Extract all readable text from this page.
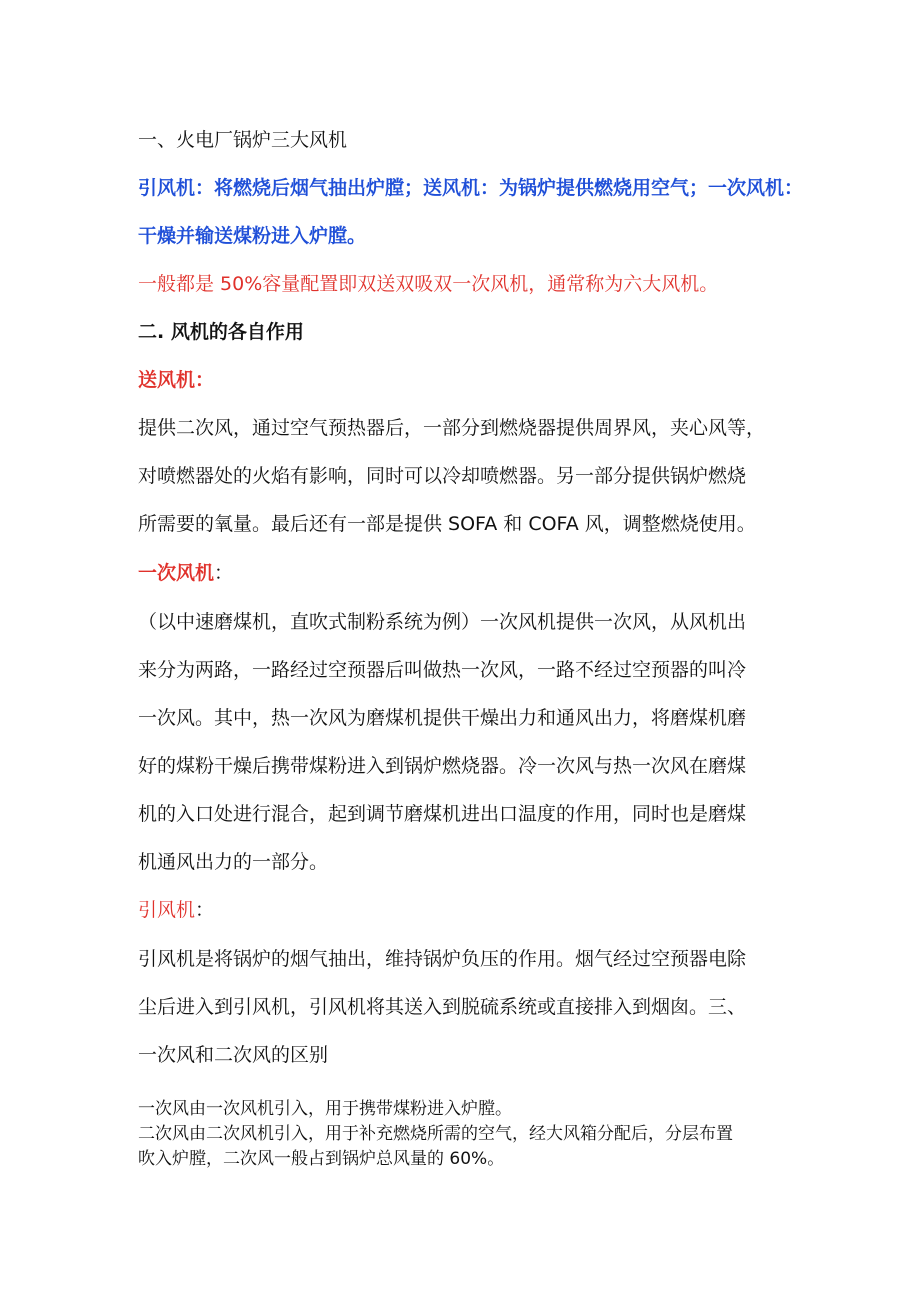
一、火电厂锅炉三大风机
引风机：将燃烧后烟气抽出炉膛；送风机：为锅炉提供燃烧用空气；一次风机：
干燥并输送煤粉进入炉膛。
一般都是 50%容量配置即双送双吸双一次风机，通常称为六大风机。
二. 风机的各自作用
送风机：
提供二次风，通过空气预热器后，一部分到燃烧器提供周界风，夹心风等，
对喷燃器处的火焰有影响，同时可以冷却喷燃器。另一部分提供锅炉燃烧
所需要的氧量。最后还有一部是提供 SOFA 和 COFA 风，调整燃烧使用。
一次风机：
（以中速磨煤机，直吹式制粉系统为例）一次风机提供一次风，从风机出
来分为两路，一路经过空预器后叫做热一次风，一路不经过空预器的叫冷
一次风。其中，热一次风为磨煤机提供干燥出力和通风出力，将磨煤机磨
好的煤粉干燥后携带煤粉进入到锅炉燃烧器。冷一次风与热一次风在磨煤
机的入口处进行混合，起到调节磨煤机进出口温度的作用，同时也是磨煤
机通风出力的一部分。
引风机：
引风机是将锅炉的烟气抽出，维持锅炉负压的作用。烟气经过空预器电除
尘后进入到引风机，引风机将其送入到脱硫系统或直接排入到烟囱。三、
一次风和二次风的区别
一次风由一次风机引入，用于携带煤粉进入炉膛。
二次风由二次风机引入，用于补充燃烧所需的空气，经大风箱分配后，分层布置
吹入炉膛，二次风一般占到锅炉总风量的 60%。
